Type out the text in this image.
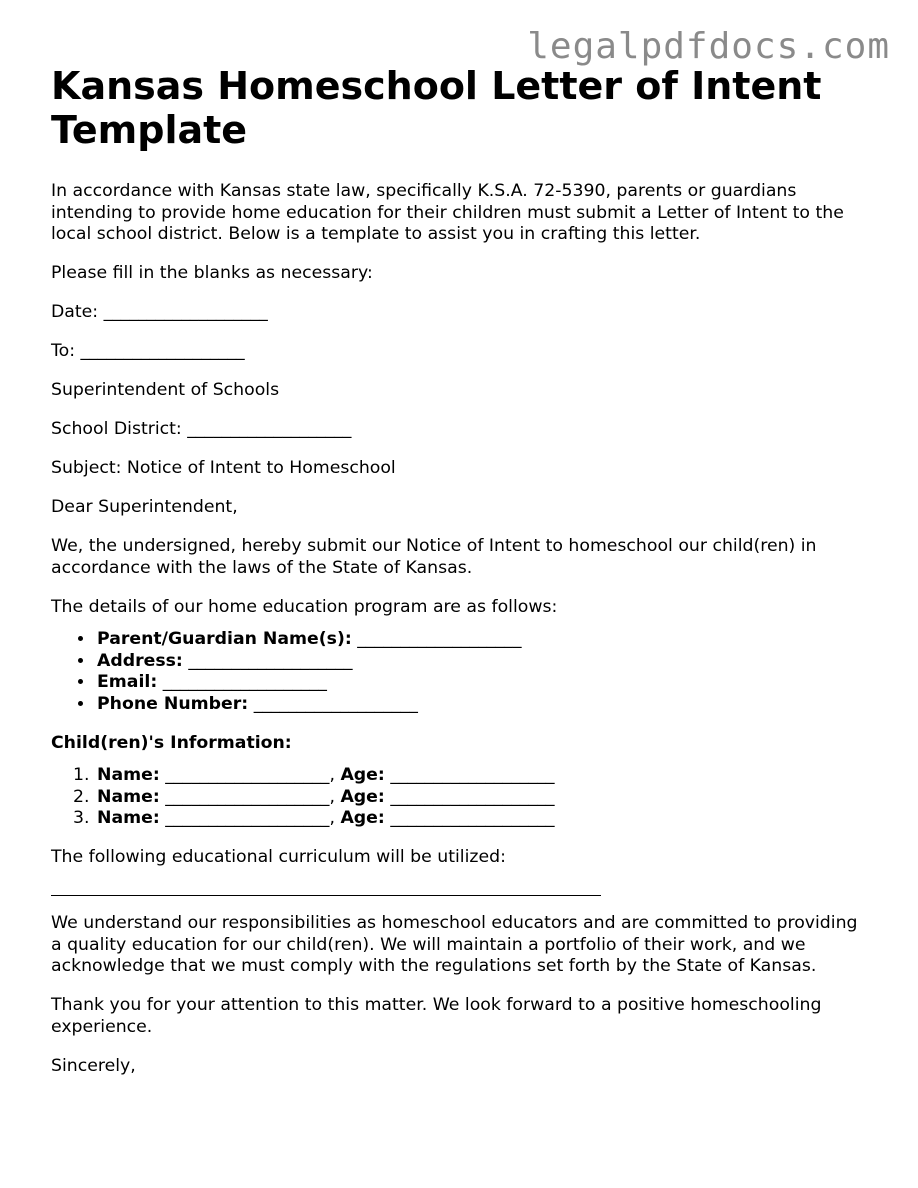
legalpdfdocs.com
Kansas Homeschool Letter of Intent Template

In accordance with Kansas state law, specifically K.S.A. 72-5390, parents or guardians intending to provide home education for their children must submit a Letter of Intent to the local school district. Below is a template to assist you in crafting this letter.

Please fill in the blanks as necessary:

Date: ___________________

To: ___________________

Superintendent of Schools

School District: ___________________

Subject: Notice of Intent to Homeschool

Dear Superintendent,

We, the undersigned, hereby submit our Notice of Intent to homeschool our child(ren) in accordance with the laws of the State of Kansas.

The details of our home education program are as follows:

• Parent/Guardian Name(s): ___________________
• Address: ___________________
• Email: ___________________
• Phone Number: ___________________

Child(ren)'s Information:

1. Name: ___________________, Age: ___________________
2. Name: ___________________, Age: ___________________
3. Name: ___________________, Age: ___________________

The following educational curriculum will be utilized:

We understand our responsibilities as homeschool educators and are committed to providing a quality education for our child(ren). We will maintain a portfolio of their work, and we acknowledge that we must comply with the regulations set forth by the State of Kansas.

Thank you for your attention to this matter. We look forward to a positive homeschooling experience.

Sincerely,
